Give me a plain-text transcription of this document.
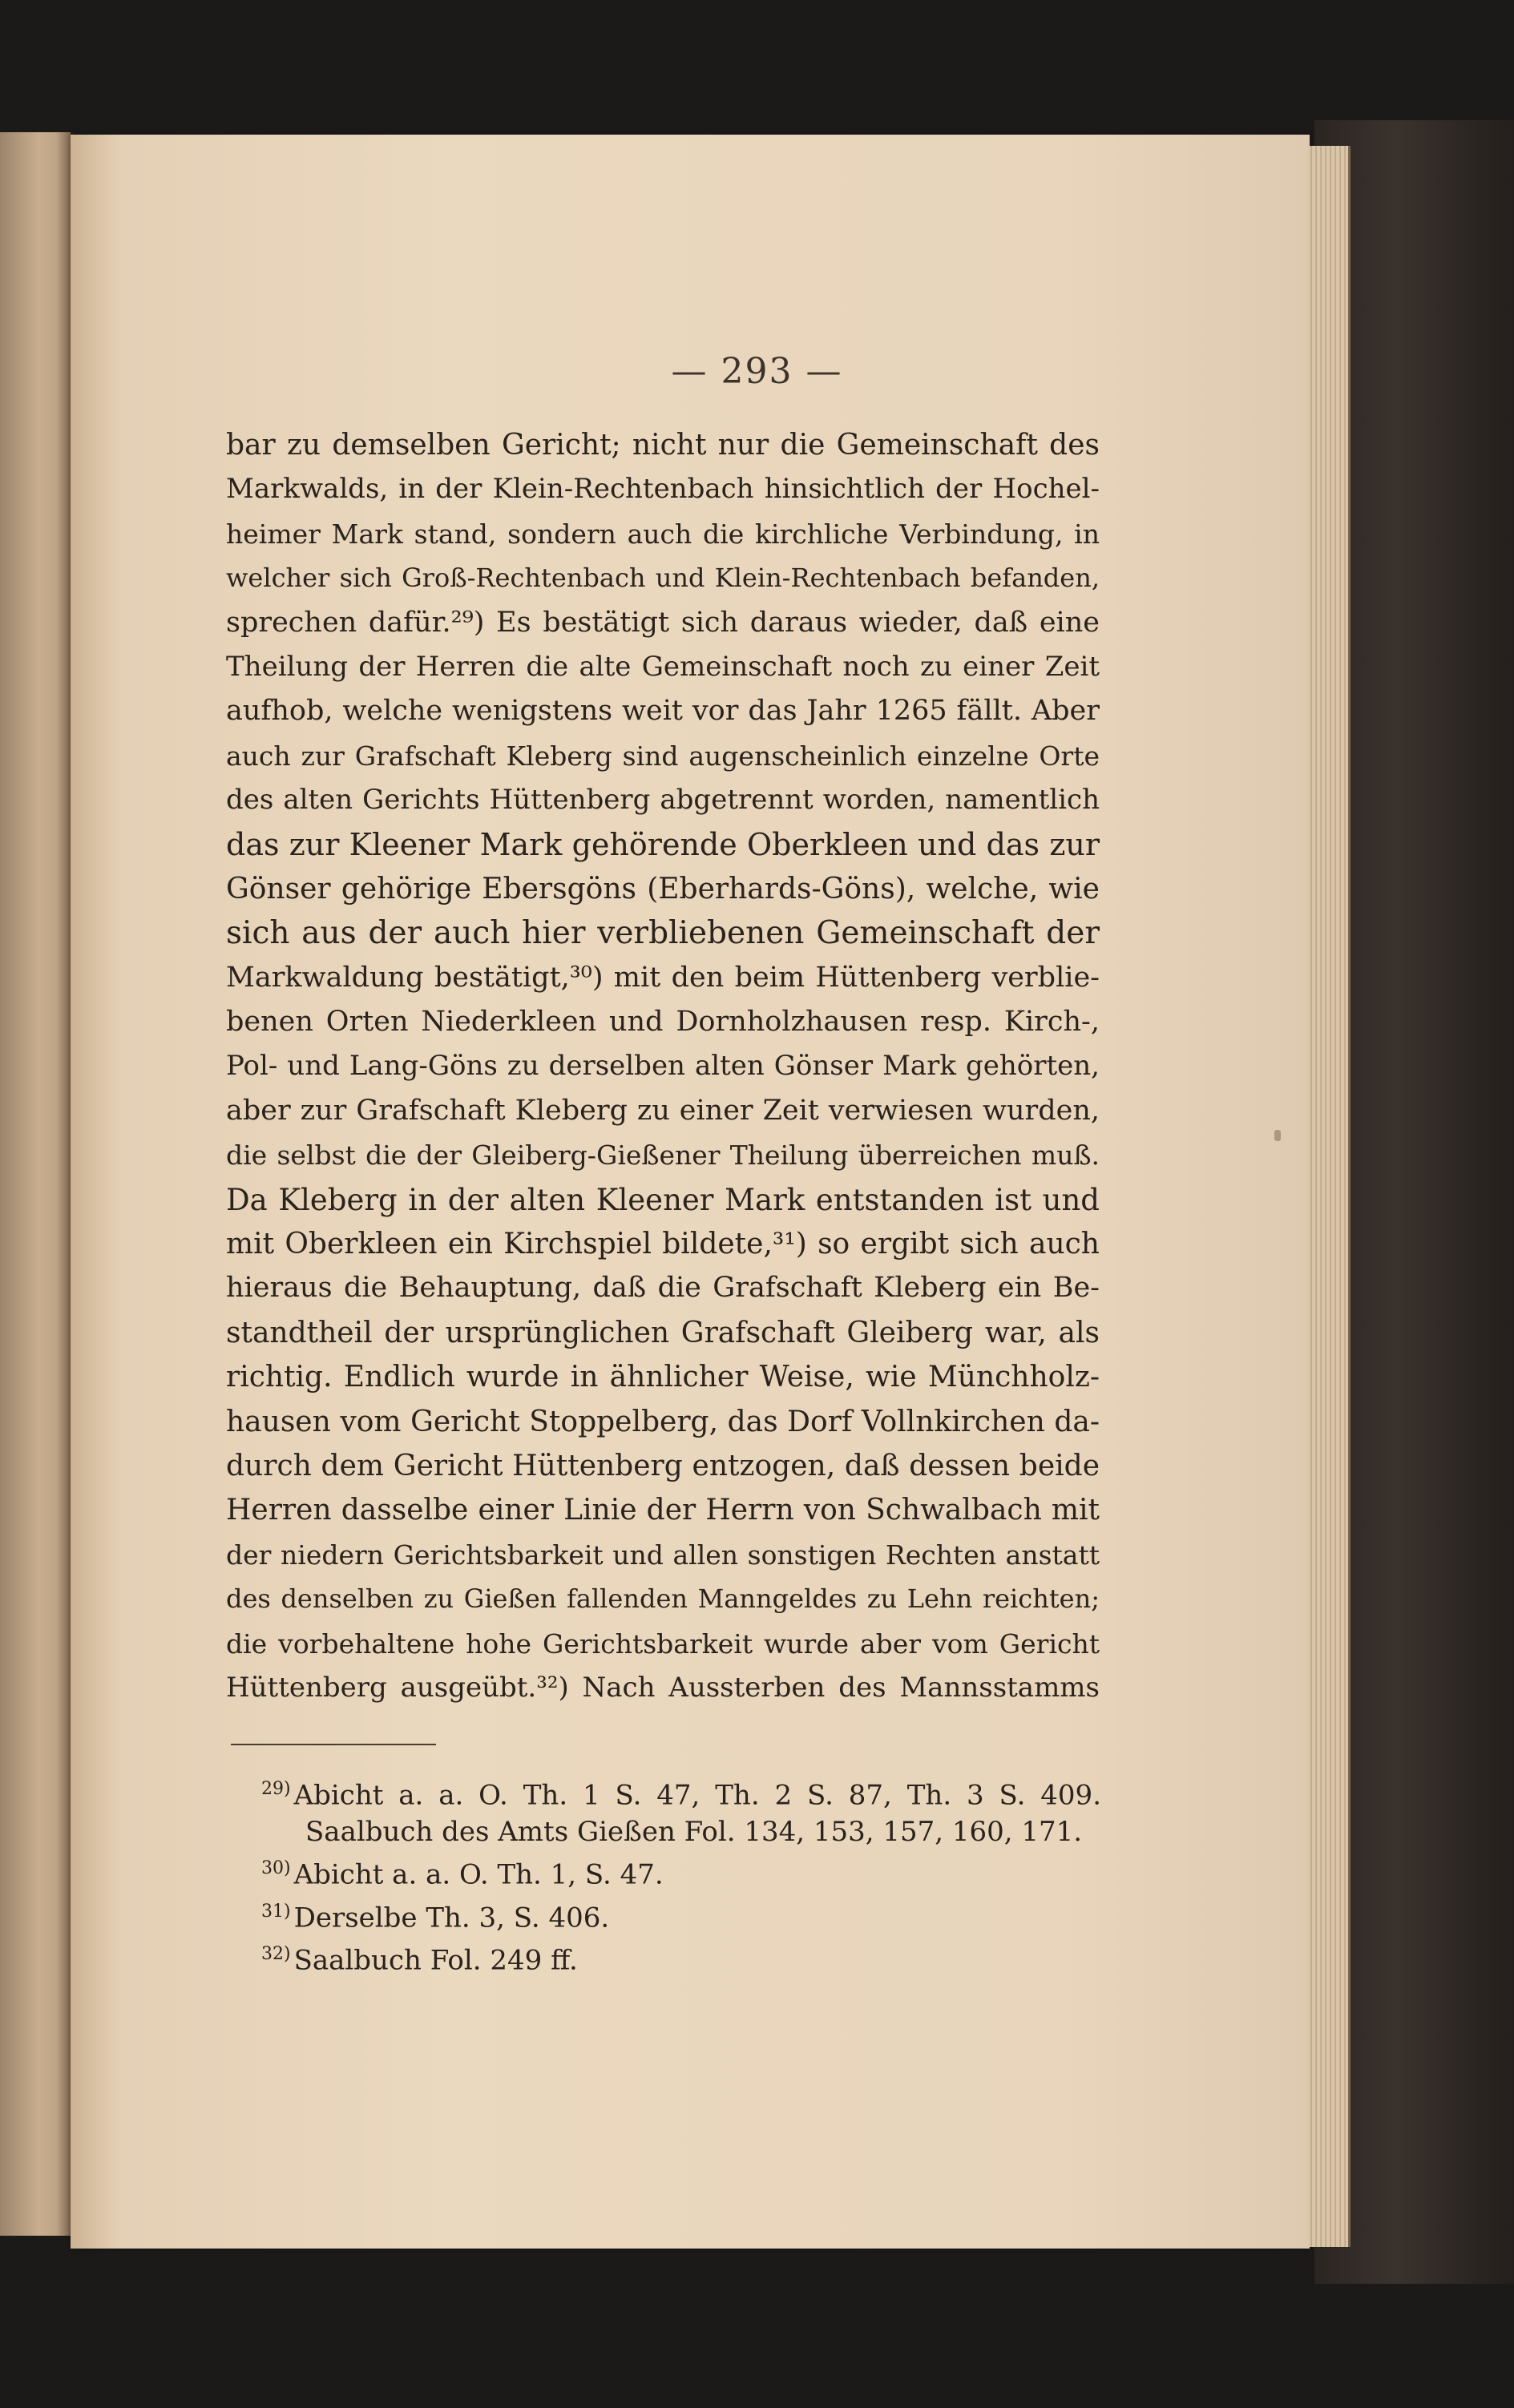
— 293 —
bar zu demselben Gericht; nicht nur die Gemeinschaft des
Markwalds, in der Klein-Rechtenbach hinsichtlich der Hochel-
heimer Mark stand, sondern auch die kirchliche Verbindung, in
welcher sich Groß-Rechtenbach und Klein-Rechtenbach befanden,
sprechen dafür.²⁹) Es bestätigt sich daraus wieder, daß eine
Theilung der Herren die alte Gemeinschaft noch zu einer Zeit
aufhob, welche wenigstens weit vor das Jahr 1265 fällt. Aber
auch zur Grafschaft Kleberg sind augenscheinlich einzelne Orte
des alten Gerichts Hüttenberg abgetrennt worden, namentlich
das zur Kleener Mark gehörende Oberkleen und das zur
Gönser gehörige Ebersgöns (Eberhards-Göns), welche, wie
sich aus der auch hier verbliebenen Gemeinschaft der
Markwaldung bestätigt,³⁰) mit den beim Hüttenberg verblie-
benen Orten Niederkleen und Dornholzhausen resp. Kirch-,
Pol- und Lang-Göns zu derselben alten Gönser Mark gehörten,
aber zur Grafschaft Kleberg zu einer Zeit verwiesen wurden,
die selbst die der Gleiberg-Gießener Theilung überreichen muß.
Da Kleberg in der alten Kleener Mark entstanden ist und
mit Oberkleen ein Kirchspiel bildete,³¹) so ergibt sich auch
hieraus die Behauptung, daß die Grafschaft Kleberg ein Be-
standtheil der ursprünglichen Grafschaft Gleiberg war, als
richtig. Endlich wurde in ähnlicher Weise, wie Münchholz-
hausen vom Gericht Stoppelberg, das Dorf Vollnkirchen da-
durch dem Gericht Hüttenberg entzogen, daß dessen beide
Herren dasselbe einer Linie der Herrn von Schwalbach mit
der niedern Gerichtsbarkeit und allen sonstigen Rechten anstatt
des denselben zu Gießen fallenden Manngeldes zu Lehn reichten;
die vorbehaltene hohe Gerichtsbarkeit wurde aber vom Gericht
Hüttenberg ausgeübt.³²) Nach Aussterben des Mannsstamms
$^{29)}$ Abicht a. a. O. Th. 1 S. 47, Th. 2 S. 87, Th. 3 S. 409.
Saalbuch des Amts Gießen Fol. 134, 153, 157, 160, 171.
$^{30)}$ Abicht a. a. O. Th. 1, S. 47.
$^{31)}$ Derselbe Th. 3, S. 406.
$^{32)}$ Saalbuch Fol. 249 ff.
